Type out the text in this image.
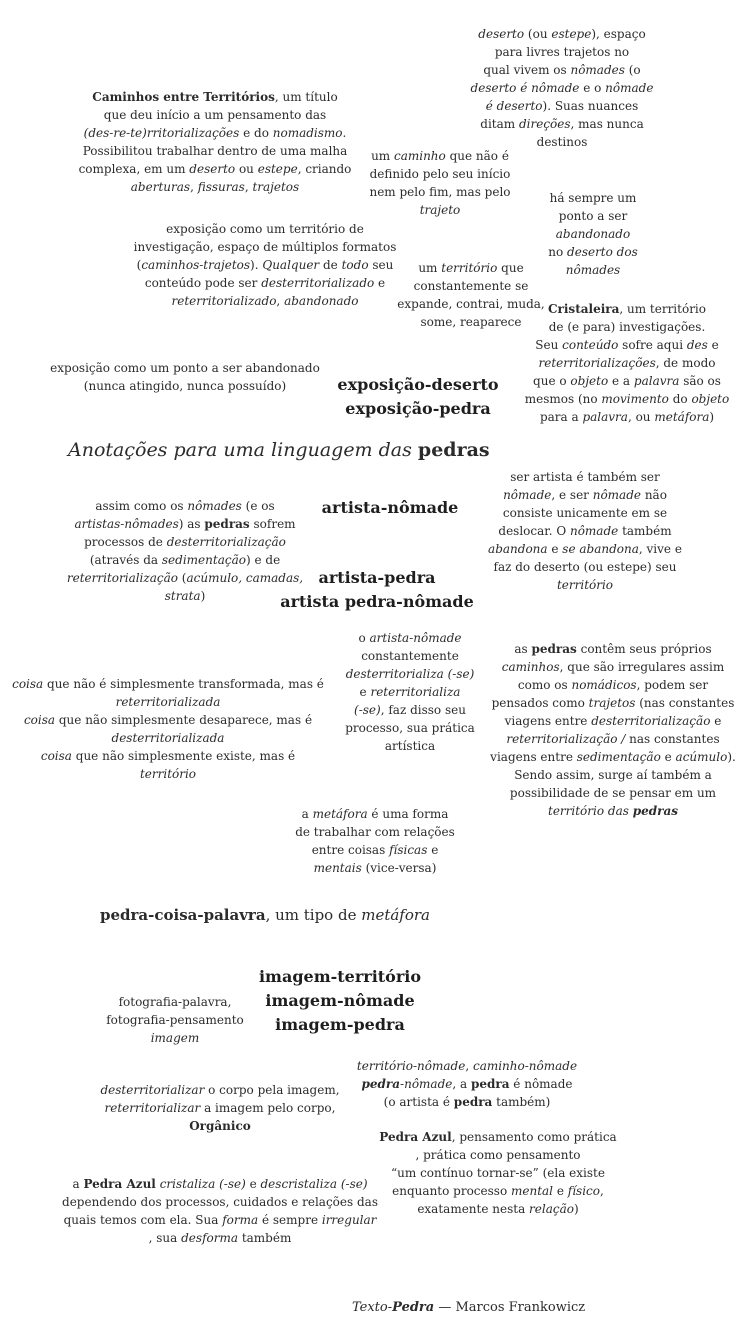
deserto (ou estepe), espaço
para livres trajetos no
qual vivem os nômades (o
deserto é nômade e o nômade
é deserto). Suas nuances
ditam direções, mas nunca
destinos
Caminhos entre Territórios, um título
que deu início a um pensamento das
(des-re-te)rritorializações e do nomadismo.
Possibilitou trabalhar dentro de uma malha
complexa, em um deserto ou estepe, criando
aberturas, fissuras, trajetos
um caminho que não é
definido pelo seu início
nem pelo fim, mas pelo
trajeto
há sempre um
ponto a ser
abandonado
no deserto dos
nômades
exposição como um território de
investigação, espaço de múltiplos formatos
(caminhos-trajetos). Qualquer de todo seu
conteúdo pode ser desterritorializado e
reterritorializado, abandonado
um território que
constantemente se
expande, contrai, muda,
some, reaparece
Cristaleira, um território
de (e para) investigações.
Seu conteúdo sofre aqui des e
reterritorializações, de modo
que o objeto e a palavra são os
mesmos (no movimento do objeto
para a palavra, ou metáfora)
exposição como um ponto a ser abandonado
(nunca atingido, nunca possuído)	exposição-deserto
exposição-pedra
Anotações para uma linguagem das pedras
ser artista é também ser
nômade, e ser nômade não
consiste unicamente em se
deslocar. O nômade também
abandona e se abandona, vive e
faz do deserto (ou estepe) seu
território
assim como os nômades (e os
artistas-nômades) as pedras sofrem
processos de desterritorialização
(através da sedimentação) e de
reterritorialização (acúmulo, camadas,
strata)
artista-nômade
artista-pedra
artista pedra-nômade
o artista-nômade
constantemente
desterritorializa (-se)
e reterritorializa
(-se), faz disso seu
processo, sua prática
artística
as pedras contêm seus próprios
caminhos, que são irregulares assim
como os nomádicos, podem ser
pensados como trajetos (nas constantes
viagens entre desterritorialização e
reterritorialização / nas constantes
viagens entre sedimentação e acúmulo).
Sendo assim, surge aí também a
possibilidade de se pensar em um
território das pedras
coisa que não é simplesmente transformada, mas é
reterritorializada
coisa que não simplesmente desaparece, mas é
desterritorializada
coisa que não simplesmente existe, mas é
território
a metáfora é uma forma
de trabalhar com relações
entre coisas físicas e
mentais (vice-versa)
pedra-coisa-palavra, um tipo de metáfora
imagem-território
imagem-nômade
imagem-pedra
fotografia-palavra,
fotografia-pensamento
imagem
território-nômade, caminho-nômade
pedra-nômade, a pedra é nômade
(o artista é pedra também)
desterritorializar o corpo pela imagem,
reterritorializar a imagem pelo corpo,
Orgânico
Pedra Azul, pensamento como prática
, prática como pensamento
“um contínuo tornar-se” (ela existe
enquanto processo mental e físico,
exatamente nesta relação)
a Pedra Azul cristaliza (-se) e descristaliza (-se)
dependendo dos processos, cuidados e relações das
quais temos com ela. Sua forma é sempre irregular
, sua desforma também
Texto-Pedra — Marcos Frankowicz
